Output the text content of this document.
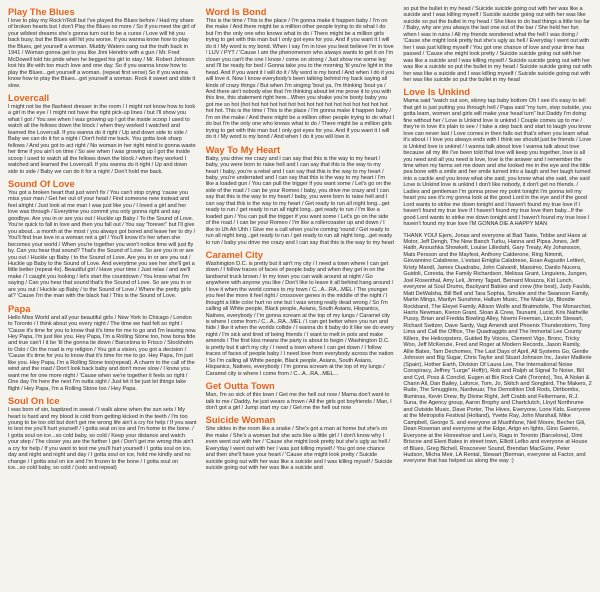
Play The Blues
I love to play my Rock'n'Roll but I've played the Blues before / Had my share of broken hearts but I don't Play the Blues no more / So if you meet the girl of your wildest dreams she's gonna turn out to be a curse / Love will hit you back busy, but the Blues will hit you worse. If you wanna know how to play the Blues, get yourself a woman. Muddy Waters sang out the truth back in 1941 / Woman gonna get to you like Jimi Hendrix with a gun / Mr. Fred McDowell told his pride when he begged his girl to stay / Mr. Robert Johnson lost his life with too much love and one day. So if you wanna know how to play the Blues...get yourself a woman. (repeat first verse) So if you wanna know how to play the Blues...get yourself a woman. Rock it sweet and slide it slow.
Lovercall
I might not be the flashiest dresser in the room / I might not know how to look a girl in the eye / I might not have the right pick-up lines / but I'll show you what I got / You see when I was growing up I got the inside scoop I used to watch all the fellows down the block / when they worked I watched and learned the Lovercall. If you wanna do it right / Up and down side to side / Baby we can do it for a night / Don't hold me back. You gotta look sharp fellows / And you got to act right / No woman in her right mind is gonna waste her time if you ain't on time / So see when I was growing up I got the inside scoop I used to watch all the fellows down the block / when they worked I watched and learned the Lovercall. If you wanna do it right / Up and down side to side / Baby we can do it for a night / Don't hold me back.
Sound Of Love
You got a broken heart that just won't fix / You can't stop crying 'cause you miss your man / Get her out of your head / Find someone new instead and feel alright / Just look at me man I was just like you / I loved a girl and her love was through / Everytime you commit you only gonna right and say goodbye. Are you in or are you out / Huckle up Baby / To the Sound of Love. You're quick to fall in love and then you fall out / You say "forever" but I'll give you about...a month at the most / you always got bored and leave her to dry / You'll find true love in a woman not a girl / You'll know it's her when she becomes your world / When you're together you won't notice time will just fly by. Can you hear that sound? That's the Sound of Love. So are you in or are you out / Huckle up Baby / to the Sound of Love. Are you in or are you out / Huckle up Baby to the Sound of Love. And everytime you see her she'll get a little better (repeat 4x). Beautiful girl / Have your time / Just relax / and we'll make / I caught you looking / let's start the countdown / You know what I'm saying / Can you hear that sound that's the Sound of Love. So are you in or are you out / Huckle up Baby / to the Sound of Love / Where the pretty girls at? 'Cause I'm the man with the black hat / This is the Sound of Love.
Papa
Hello Miss World and all your beautiful girls / New York to Chicago / London to Toronto / I think about you every night / The time we had felt so right / 'Cause it's time for you to know that it's time for me to go and I'm leaving now. Hey Papa, I'm just like you. Hey Papa, I'm a Rolling Stone too, how bona fide and true can't I it be 'til the gonna tie down / Barcelona to Frisco / Stockholm to Oslo / On the road is my religion / You got a vision, you got a decision / 'Cause it's time for you to know that it's time for me to go. Hey Papa, I'm just like you. Hey Papa, I'm a Rolling Stone too(repeat). A charm to the call of the wind and the road / Don't look back baby and don't move slow / I know you want me for one more night / 'Cause when we're together it feels so right / One day I'm here the next I'm outta sight / Just let it be just let things take flight / Hey Papa, I'm a Rolling Stone too / Hey Papa.
Soul On Ice
I was born of sin, baptized in sweat / I walk alone when the sun sets / My heart is hard and my blood is cold from getting kicked in the teeth / I'm too young to be too old but don't get me wrong life ain't a cry for help / If you want to test me you'll hurt yourself / I gotta seal on ice and I'm home to the bone. / I gotta soul on ice...so cold baby, so cold / Keep your distance and watch your step / The closer you are the further I get / Don't get me wrong this ain't a cry for help / If you want to test me you'll hurt yourself / I gotta soul on ice, day and night and night and day / I gotta soul on ice, hold me kindly and no change / I gotta soul on ice and I'm frozen to the bone / I gotta soul on ice...so cold baby, so cold / (solo and repeat)
Word Is Bond
This is the time / This is the place / I'm gonna make it happen baby / I'm on the make / And there might be a million other people trying to do what I do but I'm the only one who knows what to do / There might be a million girls trying to get with this man but I only got eyes for you. And if you want it I will do it / My word is my bond. When I say I'm in love you best believe I'm in love / LUV / PYT / 'Cause I am the phenomenon who always wants to get it on I'm closer you can't the one I know / come on strong / Just show me some leg and I'll be ready for bed / Gonna take you to the morning 'til you're light in the head. And if you want it I will do it / My word is my bond / And when I do it you will love it. Now I know everybody's been talking behind my back saying all kinds of crazy things / But when I'm singing 'bout ya, I'm thinking 'bout ya / And there ain't nobody else that I'm thinking about let me prove it to you with this line, this statement right here...When you shake you're booty baby you got me so hot (hot hot hot hot hot hot hot hot hot hot hot hot hot hot hot hot hot hot. This is the time / This is the place / I'm gonna make it happen baby / I'm on the make / And there might be a million other people trying to do what I do but I'm the only one who knows what to do / There might be a million girls trying to get with this man but I only got eyes for you. And if you want it I will do it / My word is my bond / And when I do it you will love it.
Way To My Heart
Baby, you drive me crazy and I can say that this is the way to my heart / baby, you were born to raise hell and I can say that this is the way to my heart / baby, you're a rebel and I can say that this is the way to my heart / baby, you're underrated and I can say that this is the way to my heart / I'm like a loaded gun / You can pull the trigger if you want some / Let's go on the side of the road / I can be your Romeo / baby, you drive me crazy and I can say that this is the way to my heart / baby, you were born to raise hell and I can say that this is the way to my heart / Get ready to run all night long...get ready to run / get ready to run all night long...get ready to run / I'm like a loaded gun / You can pull the trigger if you want some / Let's go on the side of the road / I can be your Romeo / I'm like a rollercoaster up and down / I like to Uh Ah Uhh / Give me a call when you're coming 'round / Get ready to run all night long...get ready to run / get ready to run all night long...get ready to run / baby you drive me crazy and I can say that this is the way to my heart
Caramel City
Washington D.C. is pretty but it ain't my city / I need a town where I can get down / I follow traces of faces of people baby and when they get in on the landsend truck brown / In my town you can walk around at night / Go anywhere with anyone you like / Don't like to leave it all behind hang around / I love it when the world comes to my town / C...A...RA...MEL / The younger you feel the more it feel right / crossover genes in the middle of the night / I thought a little color hurt no one but I was wrong really dead wrong / So I'm calling all White people, Black people, Asians, South Asians, Hispanics, Natives, everybody / I'm gonna scream at the top of my lungs / Caramel city is where I come from / C...A...RA...MEL / I can get better when you run and hide / like it when the worlds collide / I wanna do it baby do it like we do every night / I'm sick and tired of being friends / I want to melt in pots and make amends / The first kiss means the party is about to begin / Washington D.C. is pretty but it ain't my city / I need a town where I can get down / I follow traces of faces of people baby / I need love from everybody across the nation / So I'm calling all White people, Black people, Asians, South Asians, Hispanics, Natives, everybody / I'm gonna scream at the top of my lungs / Caramel city is where I come from / C...A...RA...MEL...
Get Outta Town
Man, I'm so sick of this town / Get me the hell out now / Mama don't want to talk to me / Daddy, he just wears a frown / All the girls got boyfriends / Man, I don't got a girl / Jump start my car / Get me the hell out now
Suicide Woman
She slides in the room like a snake / She's got a man at home but she's on the make / She's a woman but she acts like a little girl / I don't know why I even went out with her / 'Cause she might look pretty but she's ugly as hell / Everyday I went out with her I was just killing myself / You got one chance and then she'll have your heart / 'Cause she might look pretty / Suicide suicide going out with her was like a suicide and I was killing myself / Suicide suicide going out with her was like a suicide and
so put the bullet in my head / Suicide suicide going out with her was like a suicide and I was killing myself / Suicide suicide going out with her was like suicide so put the bullet in my head / She likes to do bad things a little too far / Baby, why are you always the last one out of the bar / She held her fun when I was in ruins / All my friends wondered what the hell I was doing / 'Cause she might look pretty but she's ugly as hell / Everyday I went out with her I was just killing myself / You got one chance of love and your time has passed / 'Cause she might look pretty / Suicide suicide going out with her was like a suicide and I was killing myself / Suicide suicide going out with her was like a suicide so put the bullet in my head / Suicide suicide going out with her was like a suicide and I was killing myself / Suicide suicide going out with her was like suicide so put the bullet in my head
Love Is Unkind
Mama said "watch out son, skinny tap baby bottom Oh I see it's easy to tell that girl is just putting you through hell / Papa said "my turn, step outside, you gotta learn, women and girls will make your head turn" but Daddy I'm doing fine without her / Love is Unkind love is unkind / Couple comes up to me / they're in love it's plain to see / I take a step back and start to laugh you know love can never last / Love comes in then falls out that's when you learn what it's about / I love you always ends with I think we should just be friends / Love is Unkind love is unkind / I wanna talk about love I wanna talk about love because all my life I've been told that love will keep you together, love is all you need and all you need is love, love is the answer and I remember the time when my farms set me down and she looked me in the eye and the little pea bone with a smile and her smile turned into a laugh and her laugh turned into a cackle and you know what she said, you know what she said, she said Love is Unkind love is unkind I don't like nobody, it don't get no friends. / Ladies and gentleman I'm gonna prove my point tonight I'm gonna tell my heart you see it's my gonna look at the good Lord in the eye and if the good Lord wants to strike me down tonight and I haven't found my true love if I haven't found my true love if I haven't found my true love then baby...If the good Lord wants to strike me down tonight and I haven't found my true love I haven't found my true love I'M GONNA DIE A HAPPY MAN
THANK YOU! Ejem, Jonas and everyone at Bad Taste, Tebbe and Hans at Motor, Jeff Dengh, The New Banch Turku, Hanna and Pipsa Jones, Jeff Haith, Anoushka Showkelt, Louise Lilledahl, Gary Treaty, Aly Johansson, Mats Persson and the Mayfest, Anthony Calderone, Ring Nimmit, Giovannino Calabrese, L'estasi Emiglia Calabrese, Eoan Augustin Lettieri, Kristy Mandl, James Ouadrabu, John Calvardi, Massimo, Danilo Nucera, Guidoli, Coresta, the Family Richardson, Melissa Grant, Linguiera, Jungen, Joel Rosenthal, Amy Leli, Jimmy Tagart, Bernard Moazza, Kid Lunch, everyone at Soul Drums, Backyard Babies and crew (the best), Judy Faulds, Matt DeWalsha, Bill Bell and Tara Sophia, Smokie and the Swanson Family, Martin Mings, Marilyn Sunshine, Hallum Music, The Make Up, Blondie Rockband, The Eleyet Family, Allison Wolfe and Bratmobile, The Monarchist, Harris Newman, Kieron Grant, Sloan & Crew, Tsunami, Lucid, Kris Nathville Pussy, Brian and Fredda Bowling Alley, Noemi Freeman, Lincoln Stewart, Richard Switzer, Dave Sardy, Vagi Amendi and Phoenix Thunderstorm, Tony Lima and Call the Office, The Quadraggits and The Immortal Lee County Killers, the Helicopsters, Guided By Voices, Clement Vigo, Bronc, Tricky Woo, Jeff McKenzie, Fred and Roger at Modern Records, Jason Ramily, Allie Bates, Tam Dechomes, The Last Days of April, All Systems Go, Gentle Johnson and Big Sugar, Chris Taylor and Stuart Johnson Inc, Javier Maillerie (Spain), Hother Earth, Division Of Laura Lee, The International Noise Conspiracy, Jeffrey "Lurge" Hoff(r), Rob and Ralph at Signal To Noise, Bill and Cyd, Poss & Conclid, Eugen at Bix Rock Café (Toronto), Tos, A Nolan & Chann All, Dan Bailey, Laforce, Tom, Jo, Skitch and Songbird, The Makers, 2 Rude, The Smugglers, Nardwuar, The Demolition Doll Rods, Dirtbombs, Illuminas, Kevin Drew, By Divine Right, Jeff Crabb and Fellermans, R.J. Suna, the Agency group, Aaron Brophy and Chartclutch, Lloyd Northrume and Outside Music, Dave Porter, The Hives, Everyone, Lone Kids, Everyone at the Metropolis Festival (Holland), Yvette Ray, John Marshall, Mike Campbell, George S. and everyone at Musthfane, Neil Moore, Becher Gili, Dean Rosenan and everyone at the Edge, Arigo en lights, Gino Gaenio, Everyone at the Horseshoe and Lee's, Ragu in Toronto (Barcelona), Dimi Briscoe and Eleni Bates in street town, Elliott Lefko and everyone at House of Blues, Greg Bichell, Roscoever Sound, Brendan MacGuire, Peter Hudson, Micha Meir, LA Rental, Stewart (Berman, everyone at Factor, and everyone that has helped us along the way :)
